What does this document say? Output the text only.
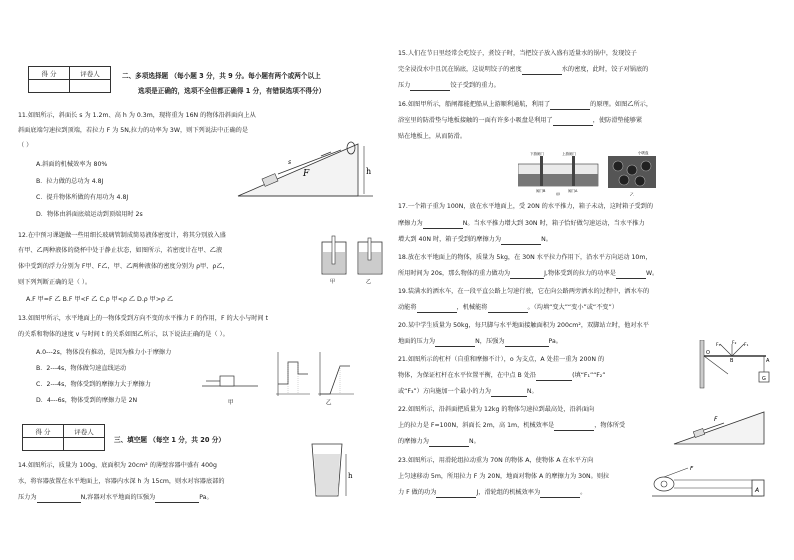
得 分	评卷人
		二、多项选择题 （每小题 3 分，共 9 分。每小题有两个或两个以上
选项是正确的，选项不全但都正确得 1 分，有错误选项不得分）
11.如图所示，斜面长 s 为 1.2m、高 h 为 0.3m，现将重为 16N 的物体沿斜面向上从
斜面底端匀速拉到顶端，若拉力 F 为 5N,拉力的功率为 3W，则下列说法中正确的是
（ ）
A.斜面的机械效率为 80%
B．拉力做的总功为 4.8J
C．提升物体所做的有用功为 4.8J
D．物体由斜面底端运动到顶端用时 2s
F
s
h
12.在中预习课题做一些用细长玻璃管制成简易液体密度计，将其分别放入盛
有甲、乙两种液体的烧杯中处于静止状态，如图所示，若密度计在甲、乙液
体中受到的浮力分别为 F甲、F乙，甲、乙两种液体的密度分别为 ρ甲、ρ乙，
则下列判断正确的是（ ）。
A.F 甲=F 乙 B.F 甲<F 乙 C.ρ 甲<ρ 乙 D.ρ 甲>ρ 乙
甲	乙
13.如图甲所示，水平地面上的一物体受到方向不变的水平推力 F 的作用，F 的大小与时间 t
的关系和物体的速度 v 与时间 t 的关系如图乙所示，以下说法正确的是（ ）。
A.0---2s，物体没有推动，是因为推力小于摩擦力
B．2---4s，物体做匀速直线运动
C．2---4s，物体受到的摩擦力大于摩擦力
D．4---6s，物体受到的摩擦力是 2N	甲	乙
得 分	评卷人

三、填空题 （每空 1 分，共 20 分）
14.如图所示，质量为 100g、底面积为 20cm² 的薄壁容器中盛有 400g
水，将容器放置在水平地面上，容器内水深 h 为 15cm，则水对容器底部的
压力为	N,容器对水平地面的压强为	Pa。
h
15.人们在节日里经常会吃饺子，煮饺子时，当把饺子放入盛有适量水的锅中，发现饺子
完全浸没水中且沉在锅底，这说明饺子的密度	水的密度，此时，饺子对锅底的
压力	饺子受到的重力。
16.如图甲所示，船闸都能把船从上游顺利通航，利用了	的原理。如图乙所示，
浴室里的防滑垫与地板接触的一面有许多小吸盘是利用了	，使防滑垫能够紧
贴在地板上，从而防滑。
下游闸门	上游闸门
阀门B	阀门A
甲
小吸盘
乙
17.一个箱子重为 100N，放在水平地面上，受 20N 的水平推力，箱子未动，这时箱子受到的
摩擦力为	N。当水平推力增大到 30N 时，箱子恰好做匀速运动，当水平推力
增大到 40N 时，箱子受到的摩擦力为	N。
18.放在水平地面上的物体，质量为 5kg，在 30N 水平拉力作用下，沿水平方向运动 10m，
所用时间为 20s，那么物体的重力做功为	J,物体受到的拉力的功率是	W。
19.装满水的洒水车，在一段平直公路上匀速行驶，它在向公路两旁洒水的过程中，洒水车的
动能将	，机械能将	。（均填“变大”“变小”或“不变”）
20.某中学生质量为 50kg，每只脚与水平地面接触面积为 200cm²，双脚站立时，他对水平
地面的压力为	N，压强为	Pa。
21.如图所示的杠杆（自重和摩擦不计），o 为支点，A 处挂一重为 200N 的
物体，为保证杠杆在水平位置平衡，在中点 B 处沿	(填“F₁”“F₂”
或“F₃”）方向施加一个最小的力为	N。
O
B	A
F₁
F₂
F₃
G
22.如图所示，沿斜面把质量为 12kg 的物体匀速拉到最高处，沿斜面向
上的拉力是 F=100N，斜面长 2m，高 1m，机械效率是	，物体所受
的摩擦力为	N。
F
23.如图所示，用滑轮组拉动重为 70N 的物体 A，使物体 A 在水平方向
上匀速移动 5m，所用拉力 F 为 20N，地面对物体 A 的摩擦力为 30N。则拉
力 F 做的功为	J，滑轮组的机械效率为	。
F
A
